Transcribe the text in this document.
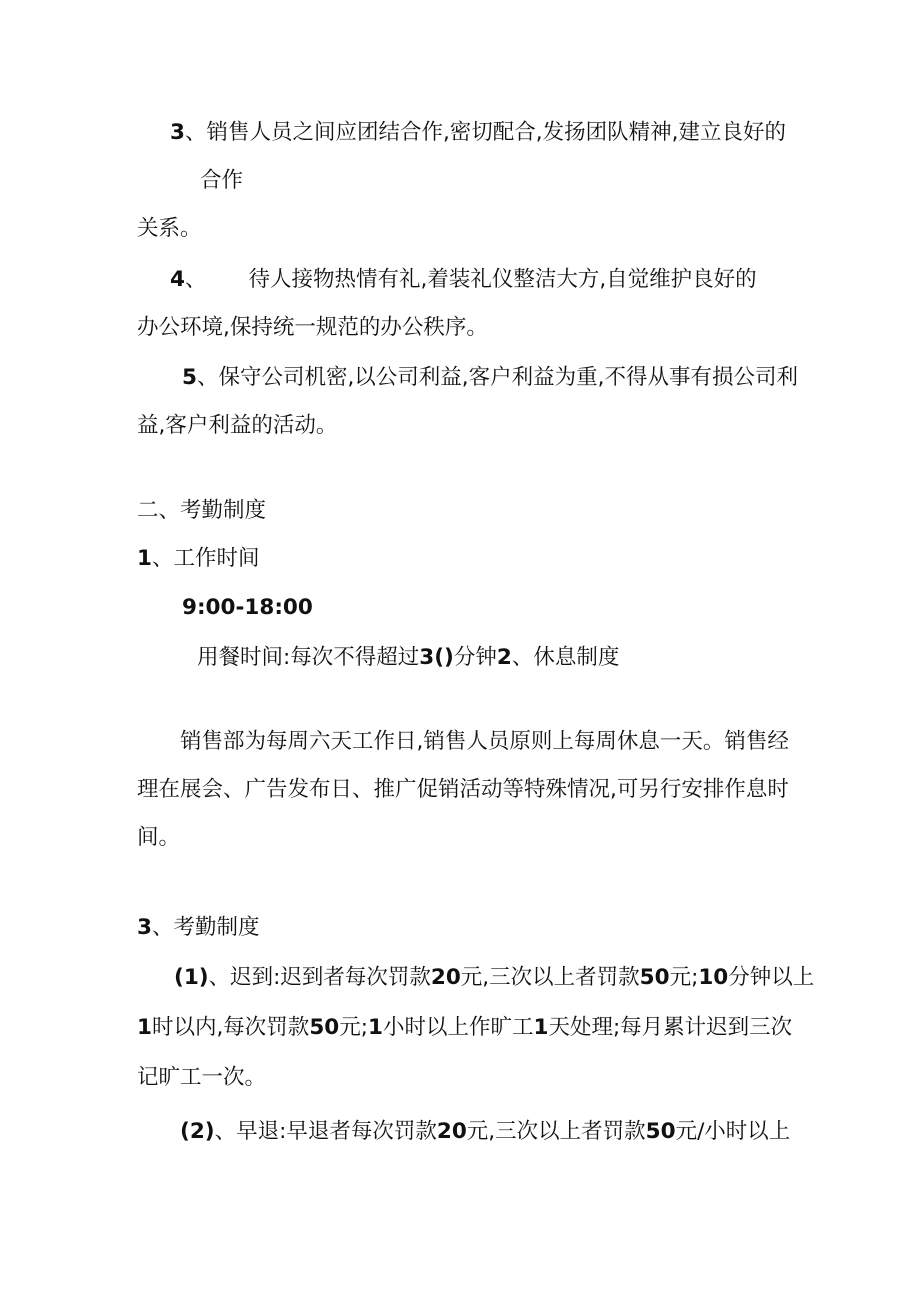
3、销售人员之间应团结合作,密切配合,发扬团队精神,建立良好的
合作
关系。
4、 待人接物热情有礼,着装礼仪整洁大方,自觉维护良好的
办公环境,保持统一规范的办公秩序。
5、保守公司机密,以公司利益,客户利益为重,不得从事有损公司利
益,客户利益的活动。
二、考勤制度
1、工作时间
9:00-18:00
用餐时间:每次不得超过3()分钟2、休息制度
销售部为每周六天工作日,销售人员原则上每周休息一天。销售经
理在展会、广告发布日、推广促销活动等特殊情况,可另行安排作息时
间。
3、考勤制度
(1)、迟到:迟到者每次罚款20元,三次以上者罚款50元;10分钟以上
1时以内,每次罚款50元;1小时以上作旷工1天处理;每月累计迟到三次
记旷工一次。
(2)、早退:早退者每次罚款20元,三次以上者罚款50元/小时以上
